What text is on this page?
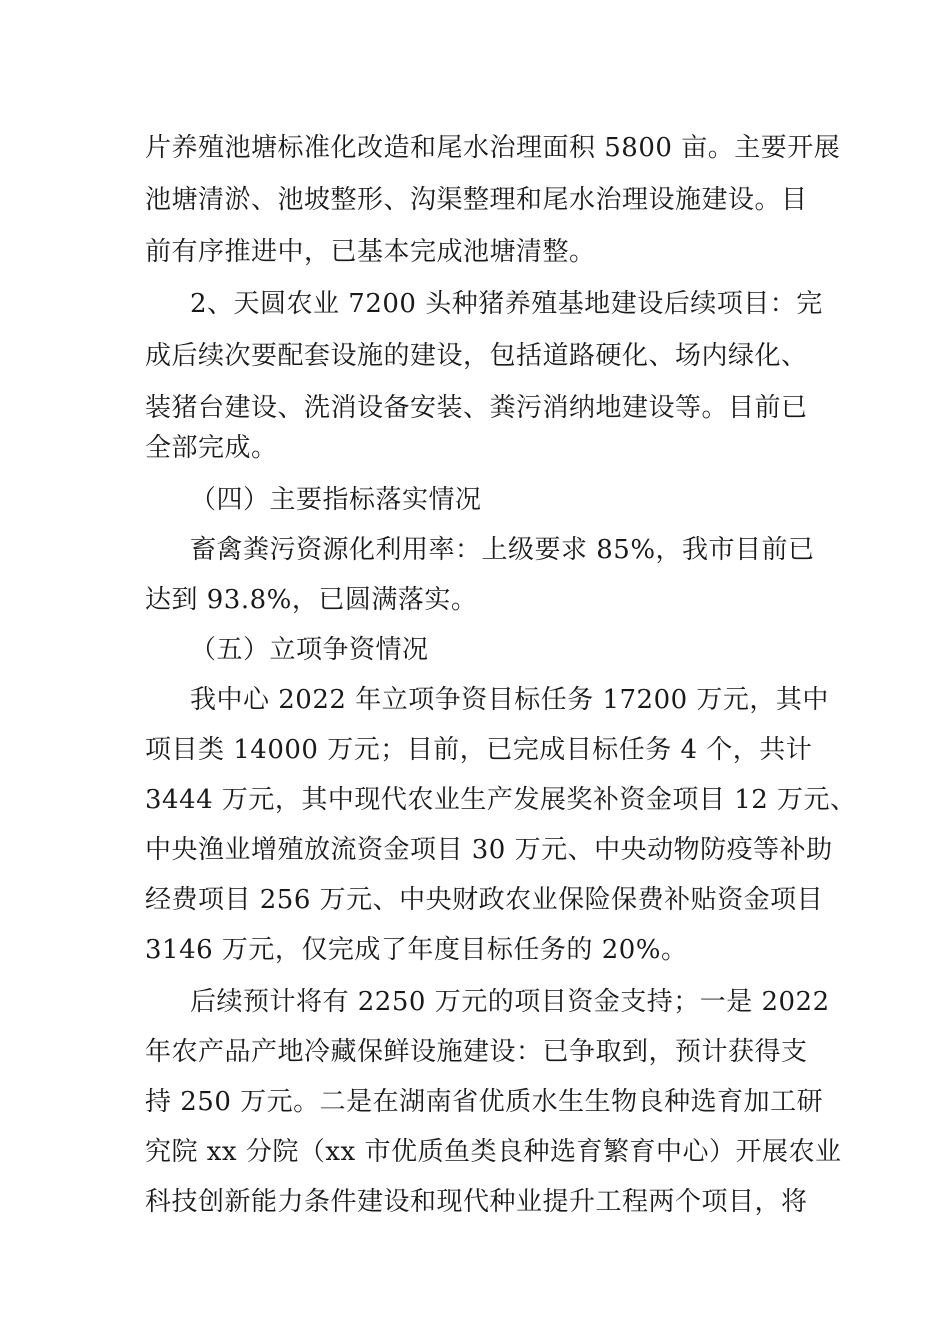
片养殖池塘标准化改造和尾水治理面积 5800 亩。主要开展
池塘清淤、池坡整形、沟渠整理和尾水治理设施建设。目
前有序推进中，已基本完成池塘清整。
2、天圆农业 7200 头种猪养殖基地建设后续项目：完
成后续次要配套设施的建设，包括道路硬化、场内绿化、
装猪台建设、洗消设备安装、粪污消纳地建设等。目前已
全部完成。
（四）主要指标落实情况
畜禽粪污资源化利用率：上级要求 85%，我市目前已
达到 93.8%，已圆满落实。
（五）立项争资情况
我中心 2022 年立项争资目标任务 17200 万元，其中
项目类 14000 万元；目前，已完成目标任务 4 个，共计
3444 万元，其中现代农业生产发展奖补资金项目 12 万元、
中央渔业增殖放流资金项目 30 万元、中央动物防疫等补助
经费项目 256 万元、中央财政农业保险保费补贴资金项目
3146 万元，仅完成了年度目标任务的 20%。
后续预计将有 2250 万元的项目资金支持；一是 2022
年农产品产地冷藏保鲜设施建设：已争取到，预计获得支
持 250 万元。二是在湖南省优质水生生物良种选育加工研
究院 xx 分院（xx 市优质鱼类良种选育繁育中心）开展农业
科技创新能力条件建设和现代种业提升工程两个项目，将
